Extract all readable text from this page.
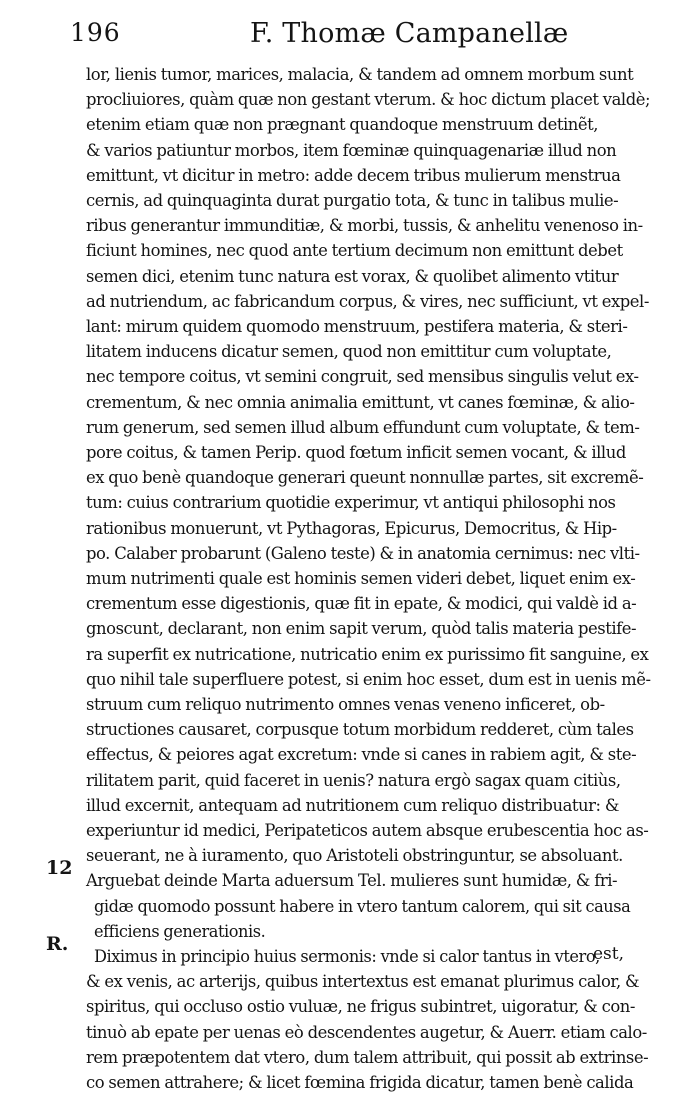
196	F. Thomæ Campanellæ
lor, lienis tumor, marices, malacia, & tandem ad omnem morbum sunt
procliuiores, quàm quæ non gestant vterum. & hoc dictum placet valdè;
etenim etiam quæ non prægnant quandoque menstruum detinẽt,
& varios patiuntur morbos, item fœminæ quinquagenariæ illud non
emittunt, vt dicitur in metro: adde decem tribus mulierum menstrua
cernis, ad quinquaginta durat purgatio tota, & tunc in talibus mulie-
ribus generantur immunditiæ, & morbi, tussis, & anhelitu venenoso in-
ficiunt homines, nec quod ante tertium decimum non emittunt debet
semen dici, etenim tunc natura est vorax, & quolibet alimento vtitur
ad nutriendum, ac fabricandum corpus, & vires, nec sufficiunt, vt expel-
lant: mirum quidem quomodo menstruum, pestifera materia, & steri-
litatem inducens dicatur semen, quod non emittitur cum voluptate,
nec tempore coitus, vt semini congruit, sed mensibus singulis velut ex-
crementum, & nec omnia animalia emittunt, vt canes fœminæ, & alio-
rum generum, sed semen illud album effundunt cum voluptate, & tem-
pore coitus, & tamen Perip. quod fœtum inficit semen vocant, & illud
ex quo benè quandoque generari queunt nonnullæ partes, sit excremẽ-
tum: cuius contrarium quotidie experimur, vt antiqui philosophi nos
rationibus monuerunt, vt Pythagoras, Epicurus, Democritus, & Hip-
po. Calaber probarunt (Galeno teste) & in anatomia cernimus: nec vlti-
mum nutrimenti quale est hominis semen videri debet, liquet enim ex-
crementum esse digestionis, quæ fit in epate, & modici, qui valdè id a-
gnoscunt, declarant, non enim sapit verum, quòd talis materia pestife-
ra superfit ex nutricatione, nutricatio enim ex purissimo fit sanguine, ex
quo nihil tale superfluere potest, si enim hoc esset, dum est in uenis mẽ-
struum cum reliquo nutrimento omnes venas veneno inficeret, ob-
structiones causaret, corpusque totum morbidum redderet, cùm tales
effectus, & peiores agat excretum: vnde si canes in rabiem agit, & ste-
rilitatem parit, quid faceret in uenis? natura ergò sagax quam citiùs,
illud excernit, antequam ad nutritionem cum reliquo distribuatur: &
experiuntur id medici, Peripateticos autem absque erubescentia hoc as-
seuerant, ne à iuramento, quo Aristoteli obstringuntur, se absoluant.
Arguebat deinde Marta aduersum Tel. mulieres sunt humidæ, & fri-
gidæ quomodo possunt habere in vtero tantum calorem, qui sit causa
efficiens generationis.
Diximus in principio huius sermonis: vnde si calor tantus in vtero,
& ex venis, ac arterijs, quibus intertextus est emanat plurimus calor, &
spiritus, qui occluso ostio vuluæ, ne frigus subintret, uigoratur, & con-
tinuò ab epate per uenas eò descendentes augetur, & Auerr. etiam calo-
rem præpotentem dat vtero, dum talem attribuit, qui possit ab extrinse-
co semen attrahere; & licet fœmina frigida dicatur, tamen benè calida
12
R.	est,
